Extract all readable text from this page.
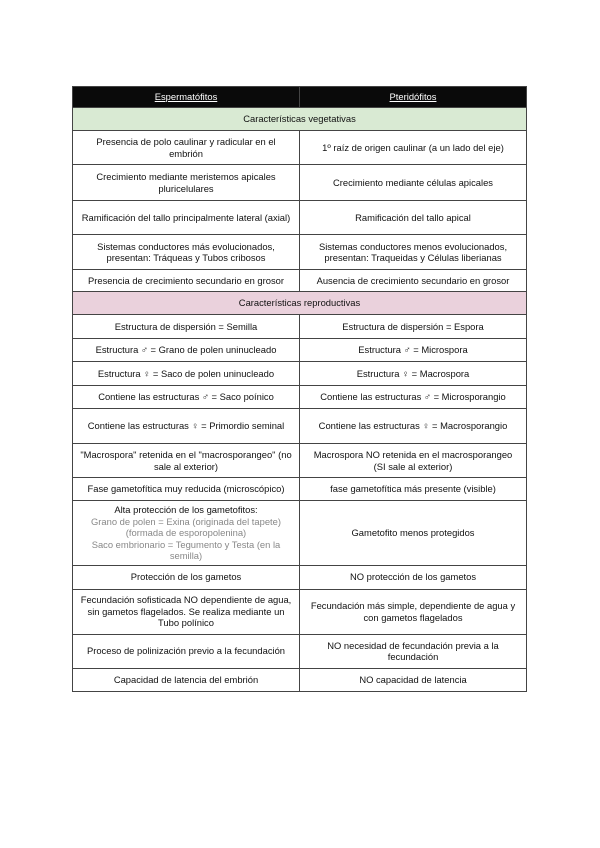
Espermatófitos	Pteridófitos
Características vegetativas	
Presencia de polo caulinar y radicular en el embrión	1º raíz de origen caulinar (a un lado del eje)
Crecimiento mediante meristemos apicales pluricelulares	Crecimiento mediante células apicales
Ramificación del tallo principalmente lateral (axial)	Ramificación del tallo apical
Sistemas conductores más evolucionados, presentan: Tráqueas y Tubos cribosos	Sistemas conductores menos evolucionados, presentan: Traqueidas y Células liberianas
Presencia de crecimiento secundario en grosor	Ausencia de crecimiento secundario en grosor
Características reproductivas	
Estructura de dispersión = Semilla	Estructura de dispersión = Espora
Estructura ♂ = Grano de polen uninucleado	Estructura ♂ = Microspora
Estructura ♀ = Saco de polen uninucleado	Estructura ♀ = Macrospora
Contiene las estructuras ♂ = Saco poínico	Contiene las estructuras ♂ = Microsporangio
Contiene las estructuras ♀ = Primordio seminal	Contiene las estructuras ♀ = Macrosporangio
"Macrospora" retenida en el "macrosporangeo" (no sale al exterior)	Macrospora NO retenida en el macrosporangeo (SI sale al exterior)
Fase gametofítica muy reducida (microscópico)	fase gametofítica más presente (visible)

Alta protección de los gametofitos:
Grano de polen = Exina (originada del tapete) (formada de esporopolenina)
Saco embrionario = Tegumento y Testa (en la semilla)	Gametofito menos protegidos
Protección de los gametos	NO protección de los gametos
Fecundación sofisticada NO dependiente de agua, sin gametos flagelados. Se realiza mediante un Tubo polínico	Fecundación más simple, dependiente de agua y con gametos flagelados
Proceso de polinización previo a la fecundación	NO necesidad de fecundación previa a la fecundación
Capacidad de latencia del embrión	NO capacidad de latencia
